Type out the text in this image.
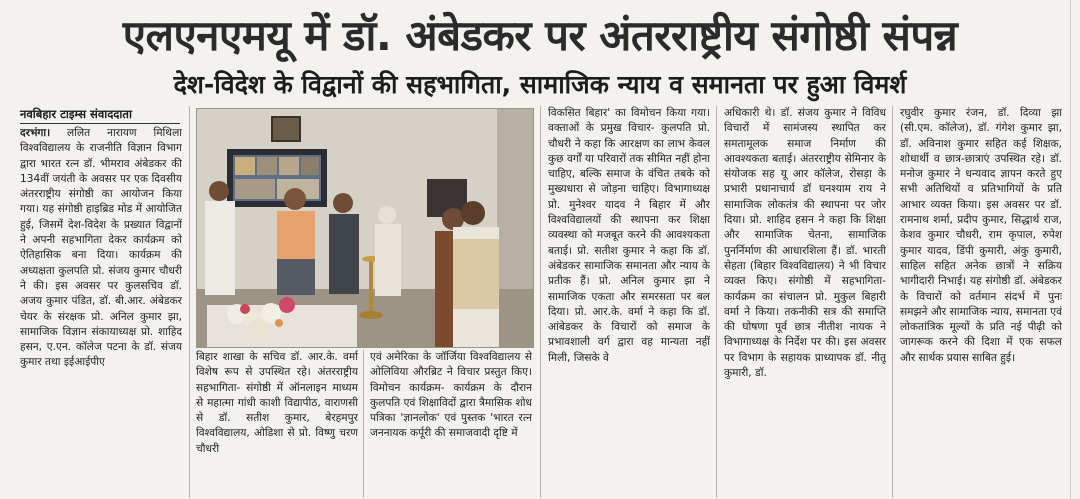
एलएनएमयू में डॉ. अंबेडकर पर अंतरराष्ट्रीय संगोष्ठी संपन्न
देश-विदेश के विद्वानों की सहभागिता, सामाजिक न्याय व समानता पर हुआ विमर्श
नवबिहार टाइम्स संवाददाता

दरभंगा। ललित नारायण मिथिला विश्वविद्यालय के राजनीति विज्ञान विभाग द्वारा भारत रत्न डॉ. भीमराव अंबेडकर की 134वीं जयंती के अवसर पर एक दिवसीय अंतरराष्ट्रीय संगोष्ठी का आयोजन किया गया। यह संगोष्ठी हाइब्रिड मोड में आयोजित हुई, जिसमें देश-विदेश के प्रख्यात विद्वानों ने अपनी सहभागिता देकर कार्यक्रम को ऐतिहासिक बना दिया। कार्यक्रम की अध्यक्षता कुलपति प्रो. संजय कुमार चौधरी ने की। इस अवसर पर कुलसचिव डॉ. अजय कुमार पंडित, डॉ. बी.आर. अंबेडकर चेयर के संरक्षक प्रो. अनिल कुमार झा, सामाजिक विज्ञान संकायाध्यक्ष प्रो. शाहिद हसन, ए.एन. कॉलेज पटना के डॉ. संजय कुमार तथा इईआईपीए	बिहार शाखा के सचिव डॉ. आर.के. वर्मा विशेष रूप से उपस्थित रहे। अंतरराष्ट्रीय सहभागिता- संगोष्ठी में ऑनलाइन माध्यम से महात्मा गांधी काशी विद्यापीठ, वाराणसी से डॉ. सतीश कुमार, बेरहमपुर विश्वविद्यालय, ओडिशा से प्रो. विष्णु चरण चौधरी

एवं अमेरिका के जॉर्जिया विश्वविद्यालय से ओलिविया औरब्रिट ने विचार प्रस्तुत किए। विमोचन कार्यक्रम- कार्यक्रम के दौरान कुलपति एवं शिक्षाविदों द्वारा त्रैमासिक शोध पत्रिका 'ज्ञानलोक' एवं पुस्तक 'भारत रत्न जननायक कर्पूरी की समाजवादी दृष्टि में

विकसित बिहार' का विमोचन किया गया। वक्ताओं के प्रमुख विचार- कुलपति प्रो. चौधरी ने कहा कि आरक्षण का लाभ केवल कुछ वर्गों या परिवारों तक सीमित नहीं होना चाहिए, बल्कि समाज के वंचित तबके को मुख्यधारा से जोड़ना चाहिए। विभागाध्यक्ष प्रो. मुनेश्वर यादव ने बिहार में और विश्वविद्यालयों की स्थापना कर शिक्षा व्यवस्था को मजबूत करने की आवश्यकता बताई। प्रो. सतीश कुमार ने कहा कि डॉ. अंबेडकर सामाजिक समानता और न्याय के प्रतीक हैं। प्रो. अनिल कुमार झा ने सामाजिक एकता और समरसता पर बल दिया। प्रो. आर.के. वर्मा ने कहा कि डॉ. आंबेडकर के विचारों को समाज के प्रभावशाली वर्ग द्वारा वह मान्यता नहीं मिली, जिसके वे

अधिकारी थे। डॉ. संजय कुमार ने विविध विचारों में सामंजस्य स्थापित कर समतामूलक समाज निर्माण की आवश्यकता बताई। अंतरराष्ट्रीय सेमिनार के संयोजक सह यू आर कॉलेज, रोसड़ा के प्रभारी प्रधानाचार्य डॉ घनश्याम राय ने सामाजिक लोकतंत्र की स्थापना पर जोर दिया। प्रो. शाहिद हसन ने कहा कि शिक्षा और सामाजिक चेतना, सामाजिक पुनर्निर्माण की आधारशिला हैं। डॉ. भारती सेहता (बिहार विश्वविद्यालय) ने भी विचार व्यक्त किए। संगोष्ठी में सहभागिता- कार्यक्रम का संचालन प्रो. मुकुल बिहारी वर्मा ने किया। तकनीकी सत्र की समाप्ति की घोषणा पूर्व छात्र नीतीश नायक ने विभागाध्यक्ष के निर्देश पर की। इस अवसर पर विभाग के सहायक प्राध्यापक डॉ. नीतू कुमारी, डॉ.

रघुवीर कुमार रंजन, डॉ. दिव्या झा (सी.एम. कॉलेज), डॉ. गंगेश कुमार झा, डॉ. अविनाश कुमार सहित कई शिक्षक, शोधार्थी व छात्र-छात्राएं उपस्थित रहे। डॉ. मनोज कुमार ने धन्यवाद ज्ञापन करते हुए सभी अतिथियों व प्रतिभागियों के प्रति आभार व्यक्त किया। इस अवसर पर डॉ. रामनाथ शर्मा, प्रदीप कुमार, सिद्धार्थ राज, केशव कुमार चौधरी, राम कृपाल, रुपेश कुमार यादव, डिंपी कुमारी, अंकु कुमारी, साहिल सहित अनेक छात्रों ने सक्रिय भागीदारी निभाई। यह संगोष्ठी डॉ. अंबेडकर के विचारों को वर्तमान संदर्भ में पुनः समझने और सामाजिक न्याय, समानता एवं लोकतांत्रिक मूल्यों के प्रति नई पीढ़ी को जागरूक करने की दिशा में एक सफल और सार्थक प्रयास साबित हुई।
